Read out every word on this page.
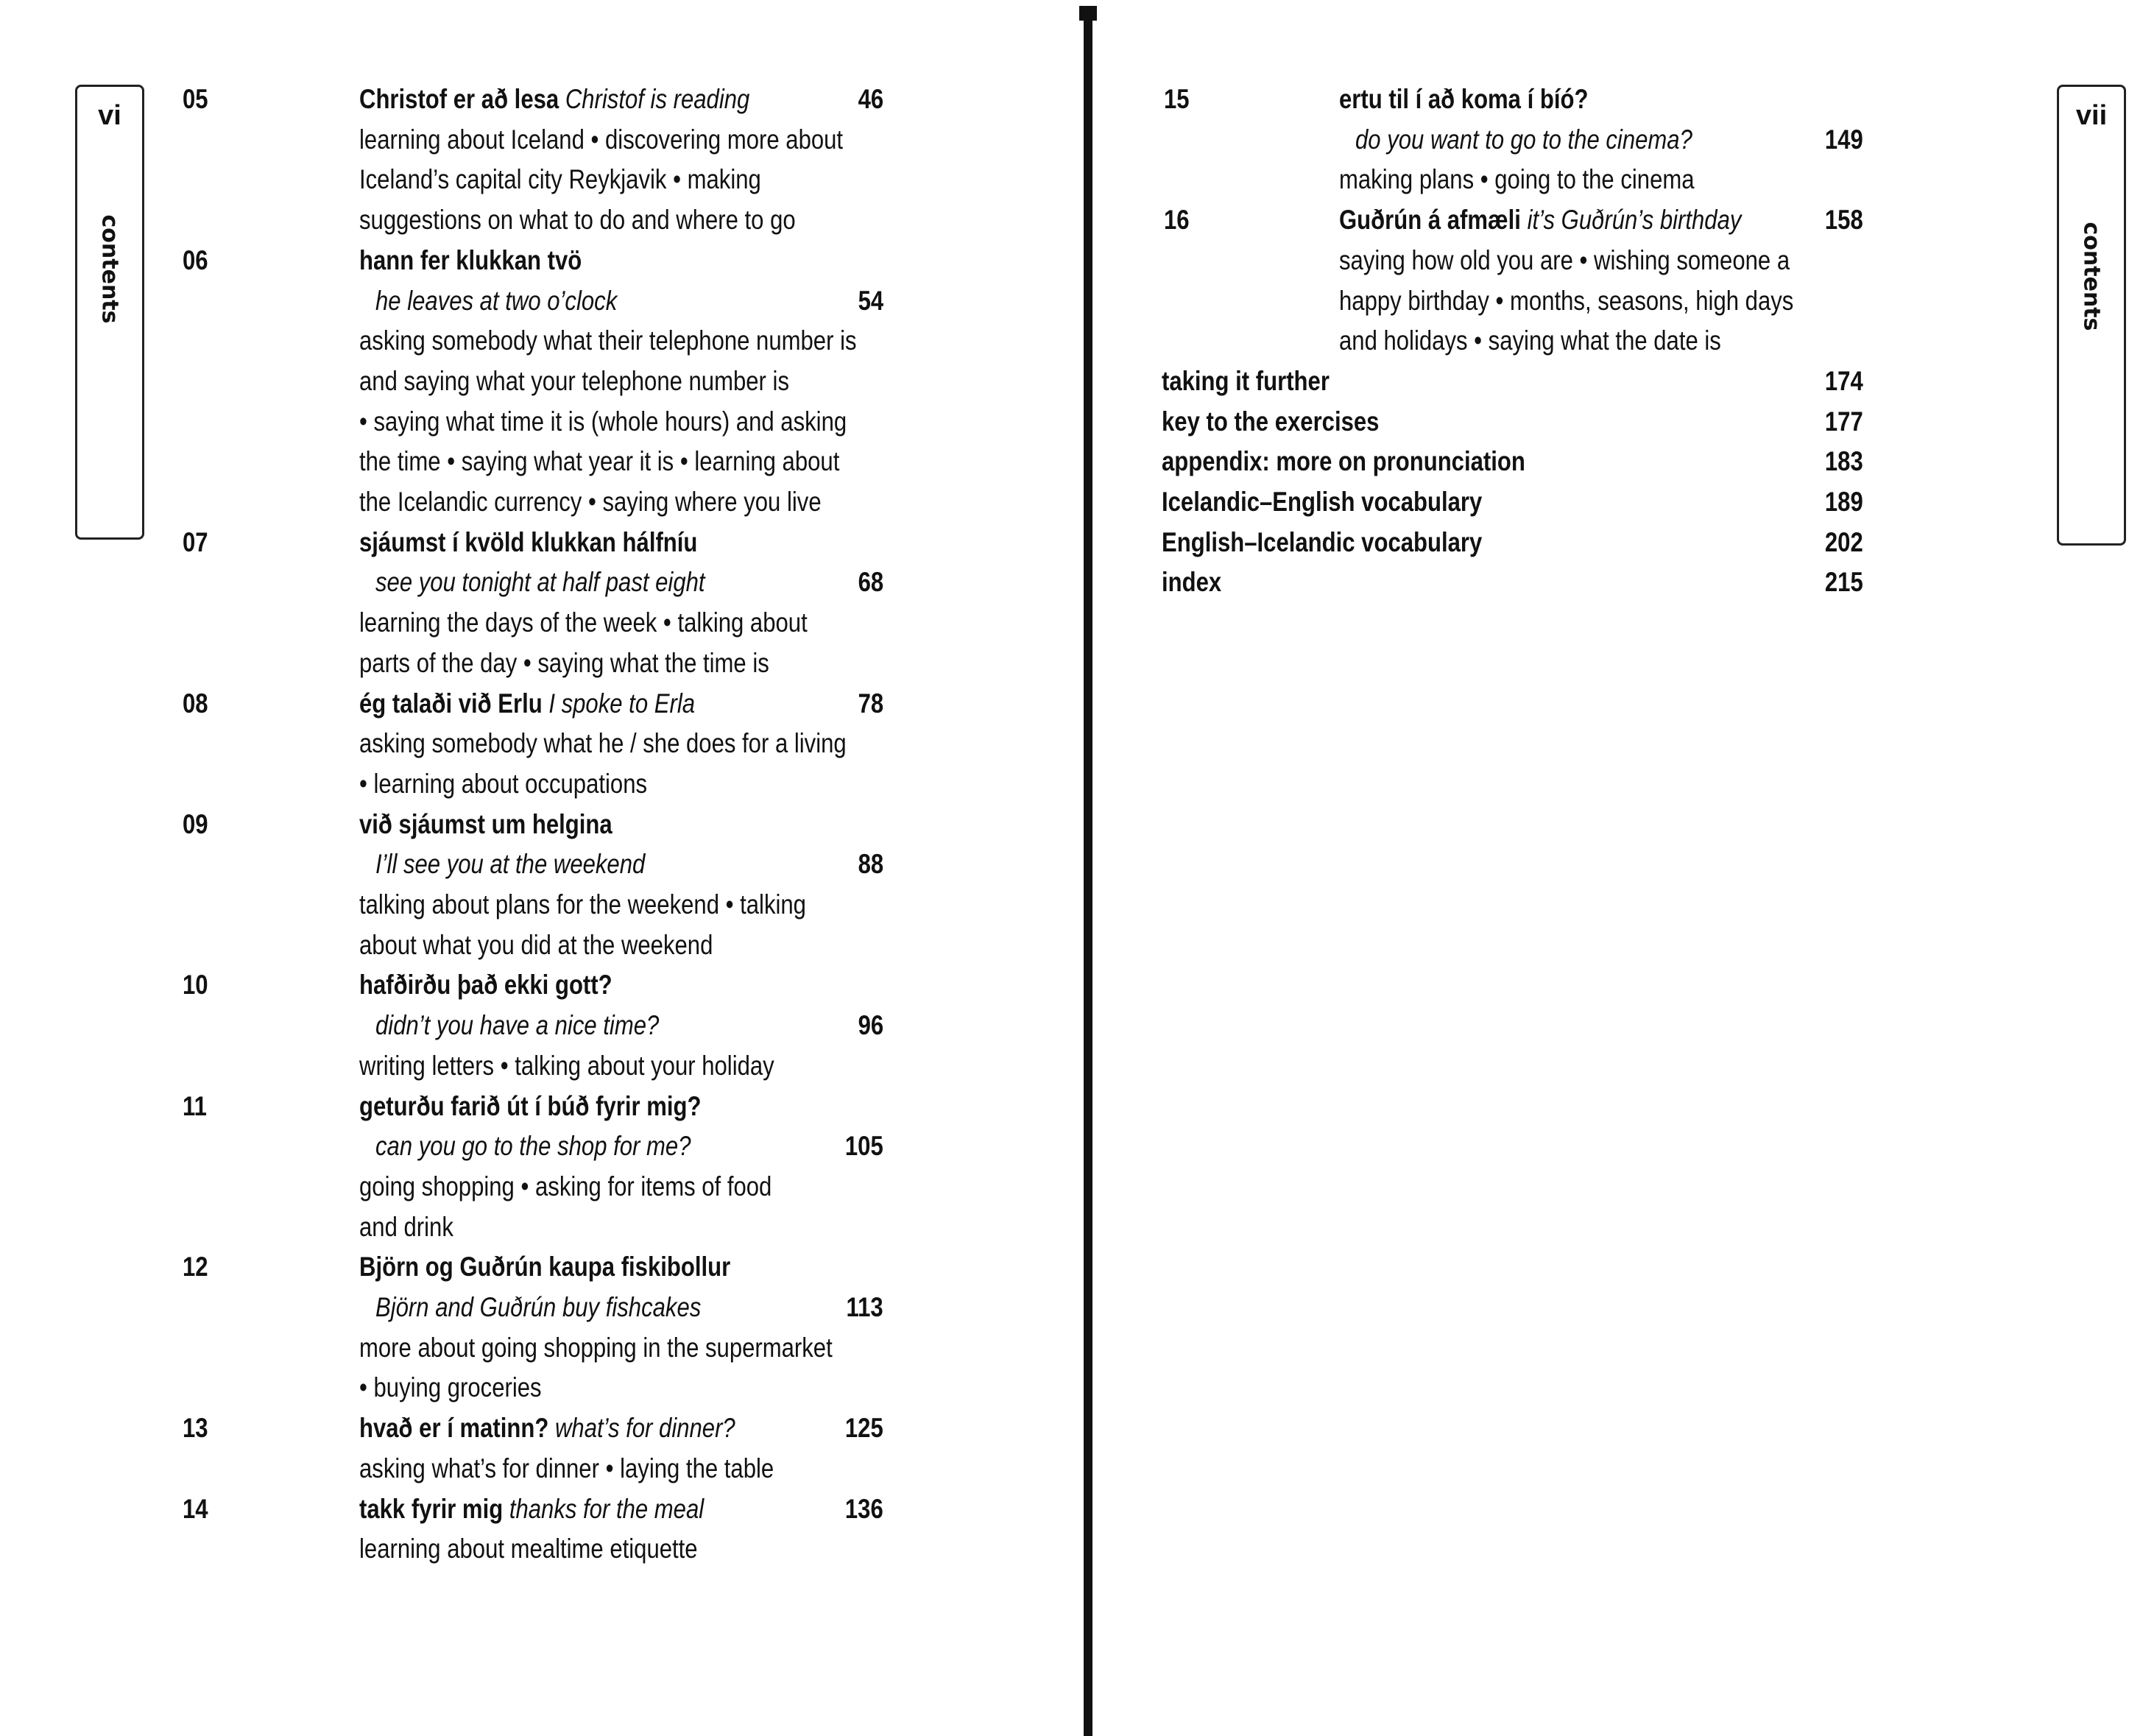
vi
contents
vii
contents
05	Christof er að lesa Christof is reading	46
learning about Iceland • discovering more about
Iceland’s capital city Reykjavik • making
suggestions on what to do and where to go
06	hann fer klukkan tvö
he leaves at two o’clock	54
asking somebody what their telephone number is
and saying what your telephone number is
• saying what time it is (whole hours) and asking
the time • saying what year it is • learning about
the Icelandic currency • saying where you live
07	sjáumst í kvöld klukkan hálfníu
see you tonight at half past eight	68
learning the days of the week • talking about
parts of the day • saying what the time is
08	ég talaði við Erlu I spoke to Erla	78
asking somebody what he / she does for a living
• learning about occupations
09	við sjáumst um helgina
I’ll see you at the weekend	88
talking about plans for the weekend • talking
about what you did at the weekend
10	hafðirðu það ekki gott?
didn’t you have a nice time?	96
writing letters • talking about your holiday
11	geturðu farið út í búð fyrir mig?
can you go to the shop for me?	105
going shopping • asking for items of food
and drink
12	Björn og Guðrún kaupa fiskibollur
Björn and Guðrún buy fishcakes	113
more about going shopping in the supermarket
• buying groceries
13	hvað er í matinn? what’s for dinner?	125
asking what’s for dinner • laying the table
14	takk fyrir mig thanks for the meal	136
learning about mealtime etiquette
15	ertu til í að koma í bíó?
do you want to go to the cinema?	149
making plans • going to the cinema
16	Guðrún á afmæli it’s Guðrún’s birthday	158
saying how old you are • wishing someone a
happy birthday • months, seasons, high days
and holidays • saying what the date is
taking it further	174
key to the exercises	177
appendix: more on pronunciation	183
Icelandic–English vocabulary	189
English–Icelandic vocabulary	202
index	215
